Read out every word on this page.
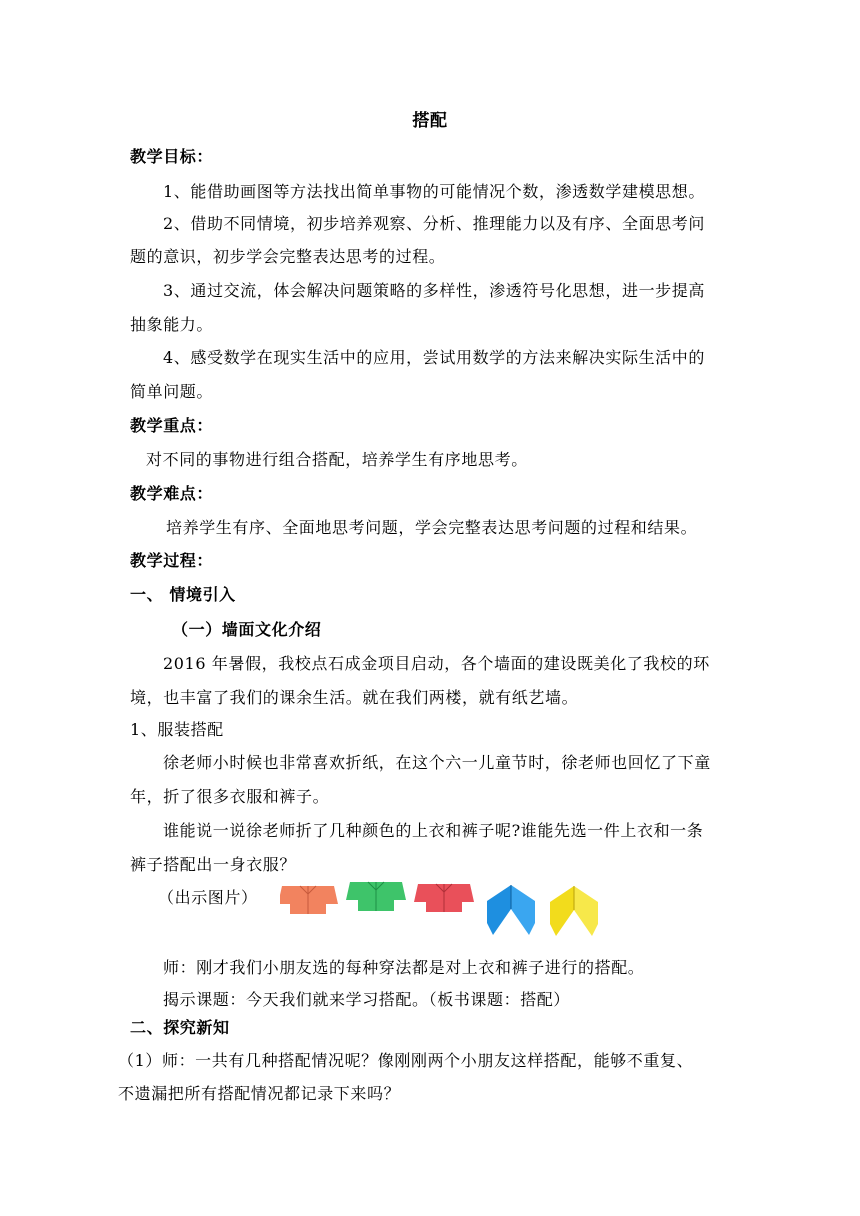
搭配
教学目标：
1、能借助画图等方法找出简单事物的可能情况个数，渗透数学建模思想。
2、借助不同情境，初步培养观察、分析、推理能力以及有序、全面思考问
题的意识，初步学会完整表达思考的过程。
3、通过交流，体会解决问题策略的多样性，渗透符号化思想，进一步提高
抽象能力。
4、感受数学在现实生活中的应用，尝试用数学的方法来解决实际生活中的
简单问题。
教学重点：
对不同的事物进行组合搭配，培养学生有序地思考。
教学难点：
培养学生有序、全面地思考问题，学会完整表达思考问题的过程和结果。
教学过程：
一、 情境引入
（一）墙面文化介绍
2016 年暑假，我校点石成金项目启动，各个墙面的建设既美化了我校的环
境，也丰富了我们的课余生活。就在我们两楼，就有纸艺墙。
1、服装搭配
徐老师小时候也非常喜欢折纸，在这个六一儿童节时，徐老师也回忆了下童
年，折了很多衣服和裤子。
谁能说一说徐老师折了几种颜色的上衣和裤子呢?谁能先选一件上衣和一条
裤子搭配出一身衣服？
（出示图片）
师：刚才我们小朋友选的每种穿法都是对上衣和裤子进行的搭配。
揭示课题：今天我们就来学习搭配。（板书课题：搭配）
二、探究新知
（1）师：一共有几种搭配情况呢？像刚刚两个小朋友这样搭配，能够不重复、
不遗漏把所有搭配情况都记录下来吗？
